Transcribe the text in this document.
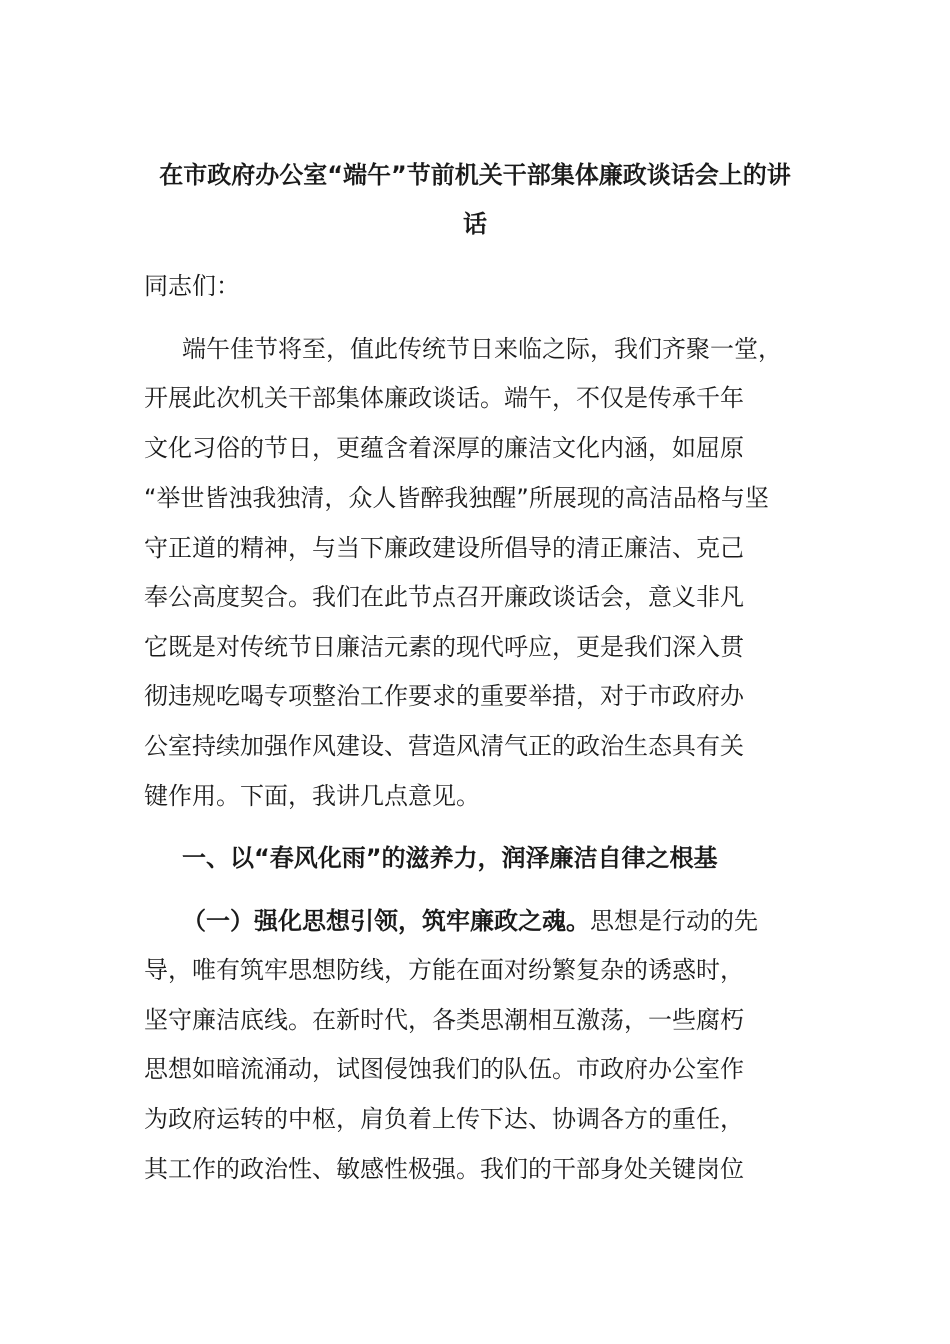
在市政府办公室“端午”节前机关干部集体廉政谈话会上的讲
话

同志们：

端午佳节将至，值此传统节日来临之际，我们齐聚一堂，

开展此次机关干部集体廉政谈话。端午，不仅是传承千年

文化习俗的节日，更蕴含着深厚的廉洁文化内涵，如屈原

“举世皆浊我独清，众人皆醉我独醒”所展现的高洁品格与坚

守正道的精神，与当下廉政建设所倡导的清正廉洁、克己

奉公高度契合。我们在此节点召开廉政谈话会，意义非凡

它既是对传统节日廉洁元素的现代呼应，更是我们深入贯

彻违规吃喝专项整治工作要求的重要举措，对于市政府办

公室持续加强作风建设、营造风清气正的政治生态具有关

键作用。下面，我讲几点意见。

一、以“春风化雨”的滋养力，润泽廉洁自律之根基

（一）强化思想引领，筑牢廉政之魂。思想是行动的先

导，唯有筑牢思想防线，方能在面对纷繁复杂的诱惑时，

坚守廉洁底线。在新时代，各类思潮相互激荡，一些腐朽

思想如暗流涌动，试图侵蚀我们的队伍。市政府办公室作

为政府运转的中枢，肩负着上传下达、协调各方的重任，

其工作的政治性、敏感性极强。我们的干部身处关键岗位
